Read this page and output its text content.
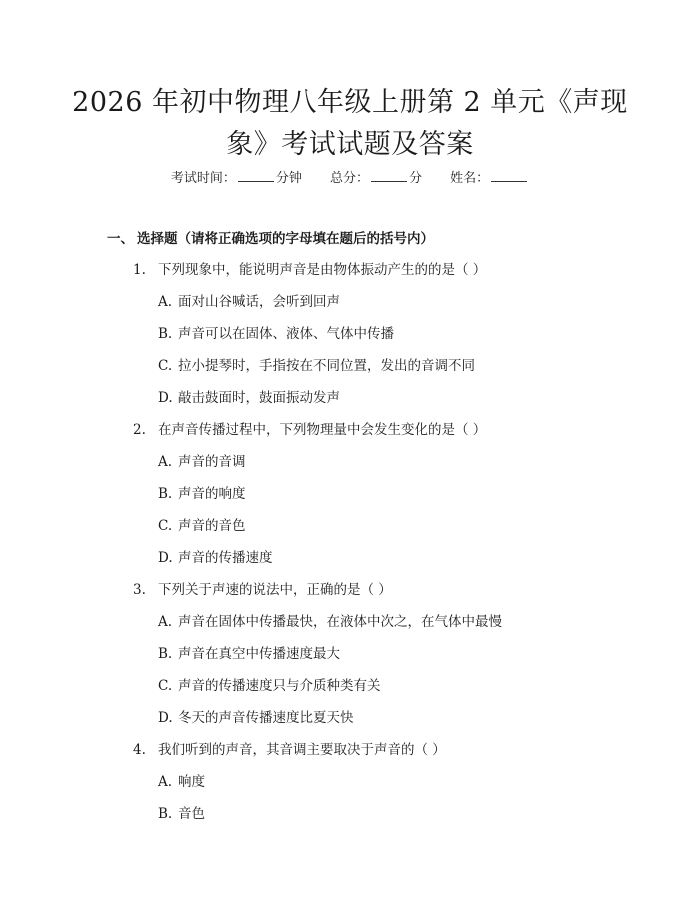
2026 年初中物理八年级上册第 2 单元《声现
象》考试试题及答案
考试时间：	分钟 总分：	分 姓名：
一、 选择题（请将正确选项的字母填在题后的括号内）
1. 下列现象中，能说明声音是由物体振动产生的的是（ ）
A. 面对山谷喊话，会听到回声
B. 声音可以在固体、液体、气体中传播
C. 拉小提琴时，手指按在不同位置，发出的音调不同
D. 敲击鼓面时，鼓面振动发声
2. 在声音传播过程中，下列物理量中会发生变化的是（ ）
A. 声音的音调
B. 声音的响度
C. 声音的音色
D. 声音的传播速度
3. 下列关于声速的说法中，正确的是（ ）
A. 声音在固体中传播最快，在液体中次之，在气体中最慢
B. 声音在真空中传播速度最大
C. 声音的传播速度只与介质种类有关
D. 冬天的声音传播速度比夏天快
4. 我们听到的声音，其音调主要取决于声音的（ ）
A. 响度
B. 音色
